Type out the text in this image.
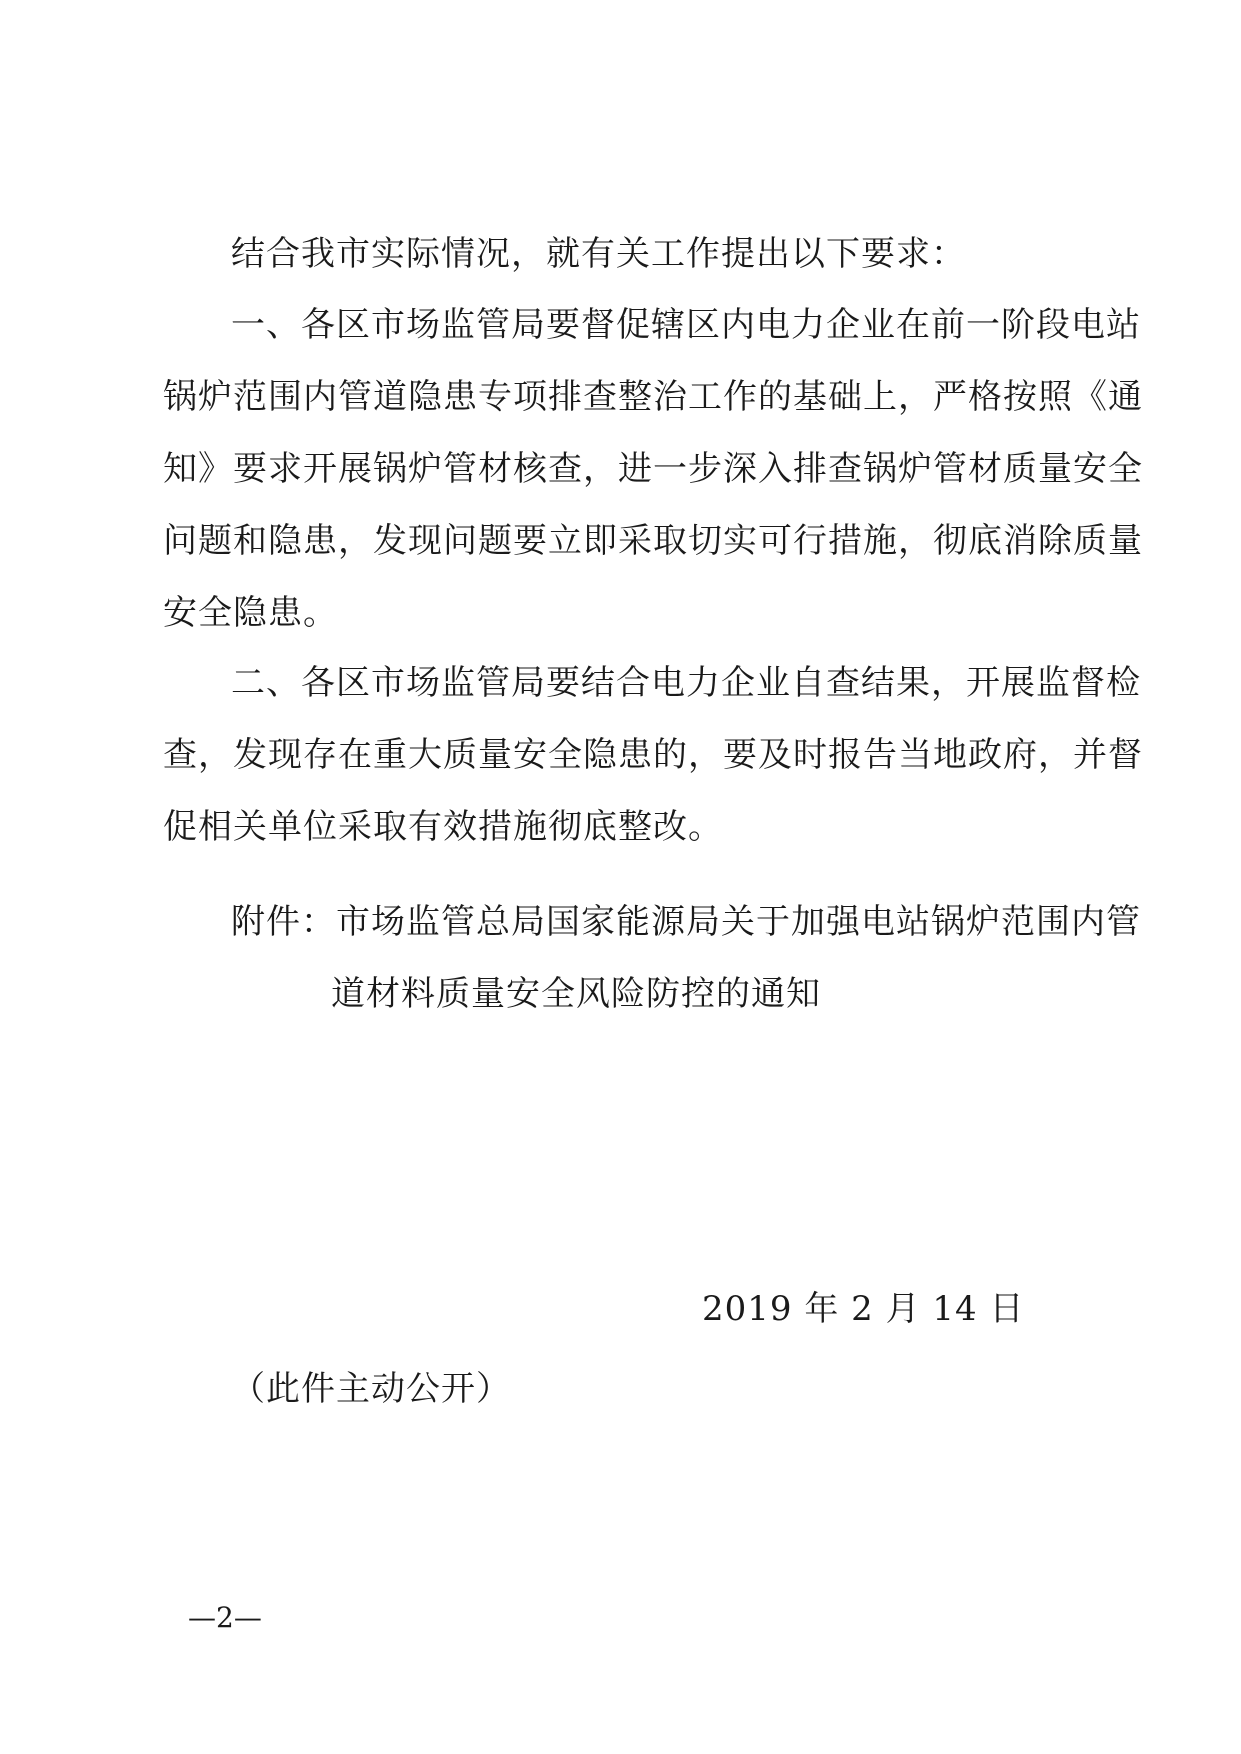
结合我市实际情况，就有关工作提出以下要求：
一、各区市场监管局要督促辖区内电力企业在前一阶段电站
锅炉范围内管道隐患专项排查整治工作的基础上，严格按照《通
知》要求开展锅炉管材核查，进一步深入排查锅炉管材质量安全
问题和隐患，发现问题要立即采取切实可行措施，彻底消除质量
安全隐患。
二、各区市场监管局要结合电力企业自查结果，开展监督检
查，发现存在重大质量安全隐患的，要及时报告当地政府，并督
促相关单位采取有效措施彻底整改。
附件：市场监管总局国家能源局关于加强电站锅炉范围内管
道材料质量安全风险防控的通知
2019 年 2 月 14 日
（此件主动公开）
—2—
